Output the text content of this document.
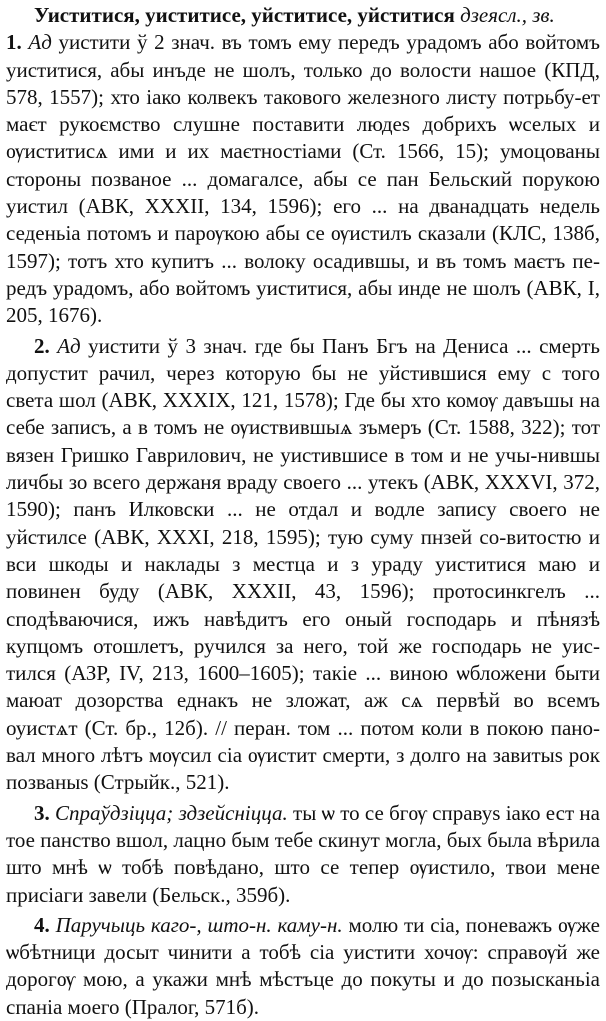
Уиститися, уиститисе, уйститисе, уйститися дзеясл., зв.
1. Ад уистити ў 2 знач. въ томъ ему передъ урадомъ або войтомъ уиститися, абы инъде не шолъ, только до волости нашое (КПД, 578, 1557); хто іако колвекъ такового железного листу потрьбу-ет маєт рукоємство слушне поставити людеѕ добрихъ ѡселых и ѹиститисѧ ими и их маєтностіами (Ст. 1566, 15); умоцованы стороны позваное ... домагалсе, абы се пан Бельский порукою уистил (АВК, XXXII, 134, 1596); его ... на дванадцать недель седеньіа потомъ и парѹкою абы се ѹистилъ сказали (КЛС, 138б, 1597); тотъ хто купитъ ... волоку осадившы, и въ томъ маєтъ пе-редъ урадомъ, або войтомъ уиститися, абы инде не шолъ (АВК, I, 205, 1676).
2. Ад уистити ў 3 знач. где бы Панъ Бгъ на Дениса ... смерть допустит рачил, через которую бы не уйстившися ему с того света шол (АВК, XXXIX, 121, 1578); Где бы хто комѹ давъшы на себе записъ, а в томъ не ѹиствившыѧ зъмеръ (Ст. 1588, 322); тот вязен Гришко Гаврилович, не уистившисе в том и не учы-нившы личбы зо всего держаня враду своего ... утекъ (АВК, XXXVI, 372, 1590); панъ Илковски ... не отдал и водле запису своего не уйстилсе (АВК, XXXI, 218, 1595); тую суму пнзей со-витостю и вси шкоды и наклады з местца и з ураду уиститися маю и повинен буду (АВК, XXXII, 43, 1596); протосинкгелъ ... сподѣваючися, ижъ навѣдитъ его оный господарь и пѣнязѣ купцомъ отошлетъ, ручился за него, той же господарь не уис-тился (АЗР, IV, 213, 1600–1605); такіе ... виною ѡбложени быти маюат дозорства еднакъ не зложат, аж сѧ первѣй во всемъ оуистѧт (Ст. бр., 12б). // перан. том ... потом коли в покою пано-вал много лѣтъ мѹсил сіа ѹистит смерти, з долго на завитыѕ рок позваныѕ (Стрыйк., 521).
3. Спраўдзіцца; здзейсніцца. ты ѡ то се бгѹ справуѕ іако ест на тое панство вшол, лацно бым тебе скинут могла, бых была вѣрила што мнѣ ѡ тобѣ повѣдано, што се тепер ѹистило, твои мене присіаги завели (Бельск., 359б).
4. Паручыць каго-, што-н. каму-н. молю ти сіа, поневажъ ѹже ѡбѣтници досыт чинити а тобѣ сіа уистити хочѹ: справѹй же дорогѹ мою, а укажи мнѣ мѣстъце до покуты и до позысканьіа спаніа моего (Пралог, 571б).
